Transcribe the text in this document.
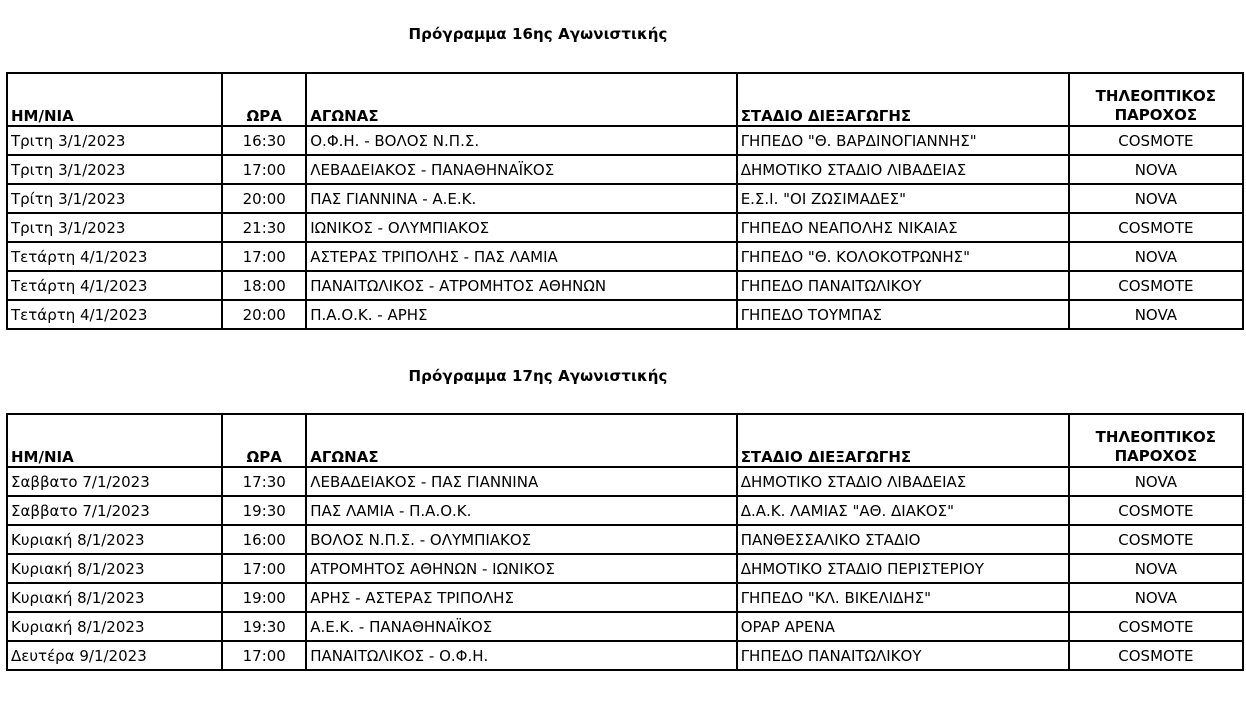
Πρόγραμμα 16ης Αγωνιστικής
ΗΜ/ΝΙΑ	ΩΡΑ	ΑΓΩΝΑΣ	ΣΤΑΔΙΟ ΔΙΕΞΑΓΩΓΗΣ	ΤΗΛΕΟΠΤΙΚΟΣ
ΠΑΡΟΧΟΣ
Τριτη 3/1/2023	16:30	Ο.Φ.Η. - ΒΟΛΟΣ Ν.Π.Σ.	ΓΗΠΕΔΟ "Θ. ΒΑΡΔΙΝΟΓΙΑΝΝΗΣ"	COSMOTE
Τριτη 3/1/2023	17:00	ΛΕΒΑΔΕΙΑΚΟΣ - ΠΑΝΑΘΗΝΑΪΚΟΣ	ΔΗΜΟΤΙΚΟ ΣΤΑΔΙΟ ΛΙΒΑΔΕΙΑΣ	NOVA
Τρίτη 3/1/2023	20:00	ΠΑΣ ΓΙΑΝΝΙΝΑ - Α.Ε.Κ.	Ε.Σ.Ι. "ΟΙ ΖΩΣΙΜΑΔΕΣ"	NOVA
Τριτη 3/1/2023	21:30	ΙΩΝΙΚΟΣ - ΟΛΥΜΠΙΑΚΟΣ	ΓΗΠΕΔΟ ΝΕΑΠΟΛΗΣ ΝΙΚΑΙΑΣ	COSMOTE
Τετάρτη 4/1/2023	17:00	ΑΣΤΕΡΑΣ ΤΡΙΠΟΛΗΣ - ΠΑΣ ΛΑΜΙΑ	ΓΗΠΕΔΟ "Θ. ΚΟΛΟΚΟΤΡΩΝΗΣ"	NOVA
Τετάρτη 4/1/2023	18:00	ΠΑΝΑΙΤΩΛΙΚΟΣ - ΑΤΡΟΜΗΤΟΣ ΑΘΗΝΩΝ	ΓΗΠΕΔΟ ΠΑΝΑΙΤΩΛΙΚΟΥ	COSMOTE
Τετάρτη 4/1/2023	20:00	Π.Α.Ο.Κ. - ΑΡΗΣ	ΓΗΠΕΔΟ ΤΟΥΜΠΑΣ	NOVA
Πρόγραμμα 17ης Αγωνιστικής
ΗΜ/ΝΙΑ	ΩΡΑ	ΑΓΩΝΑΣ	ΣΤΑΔΙΟ ΔΙΕΞΑΓΩΓΗΣ	ΤΗΛΕΟΠΤΙΚΟΣ
ΠΑΡΟΧΟΣ
Σαββατο 7/1/2023	17:30	ΛΕΒΑΔΕΙΑΚΟΣ - ΠΑΣ ΓΙΑΝΝΙΝΑ	ΔΗΜΟΤΙΚΟ ΣΤΑΔΙΟ ΛΙΒΑΔΕΙΑΣ	NOVA
Σαββατο 7/1/2023	19:30	ΠΑΣ ΛΑΜΙΑ - Π.Α.Ο.Κ.	Δ.Α.Κ. ΛΑΜΙΑΣ "ΑΘ. ΔΙΑΚΟΣ"	COSMOTE
Κυριακή 8/1/2023	16:00	ΒΟΛΟΣ Ν.Π.Σ. - ΟΛΥΜΠΙΑΚΟΣ	ΠΑΝΘΕΣΣΑΛΙΚΟ ΣΤΑΔΙΟ	COSMOTE
Κυριακή 8/1/2023	17:00	ΑΤΡΟΜΗΤΟΣ ΑΘΗΝΩΝ - ΙΩΝΙΚΟΣ	ΔΗΜΟΤΙΚΟ ΣΤΑΔΙΟ ΠΕΡΙΣΤΕΡΙΟΥ	NOVA
Κυριακή 8/1/2023	19:00	ΑΡΗΣ - ΑΣΤΕΡΑΣ ΤΡΙΠΟΛΗΣ	ΓΗΠΕΔΟ "ΚΛ. ΒΙΚΕΛΙΔΗΣ"	NOVA
Κυριακή 8/1/2023	19:30	Α.Ε.Κ. - ΠΑΝΑΘΗΝΑΪΚΟΣ	OPAP ΑΡΕΝΑ	COSMOTE
Δευτέρα 9/1/2023	17:00	ΠΑΝΑΙΤΩΛΙΚΟΣ - Ο.Φ.Η.	ΓΗΠΕΔΟ ΠΑΝΑΙΤΩΛΙΚΟΥ	COSMOTE
